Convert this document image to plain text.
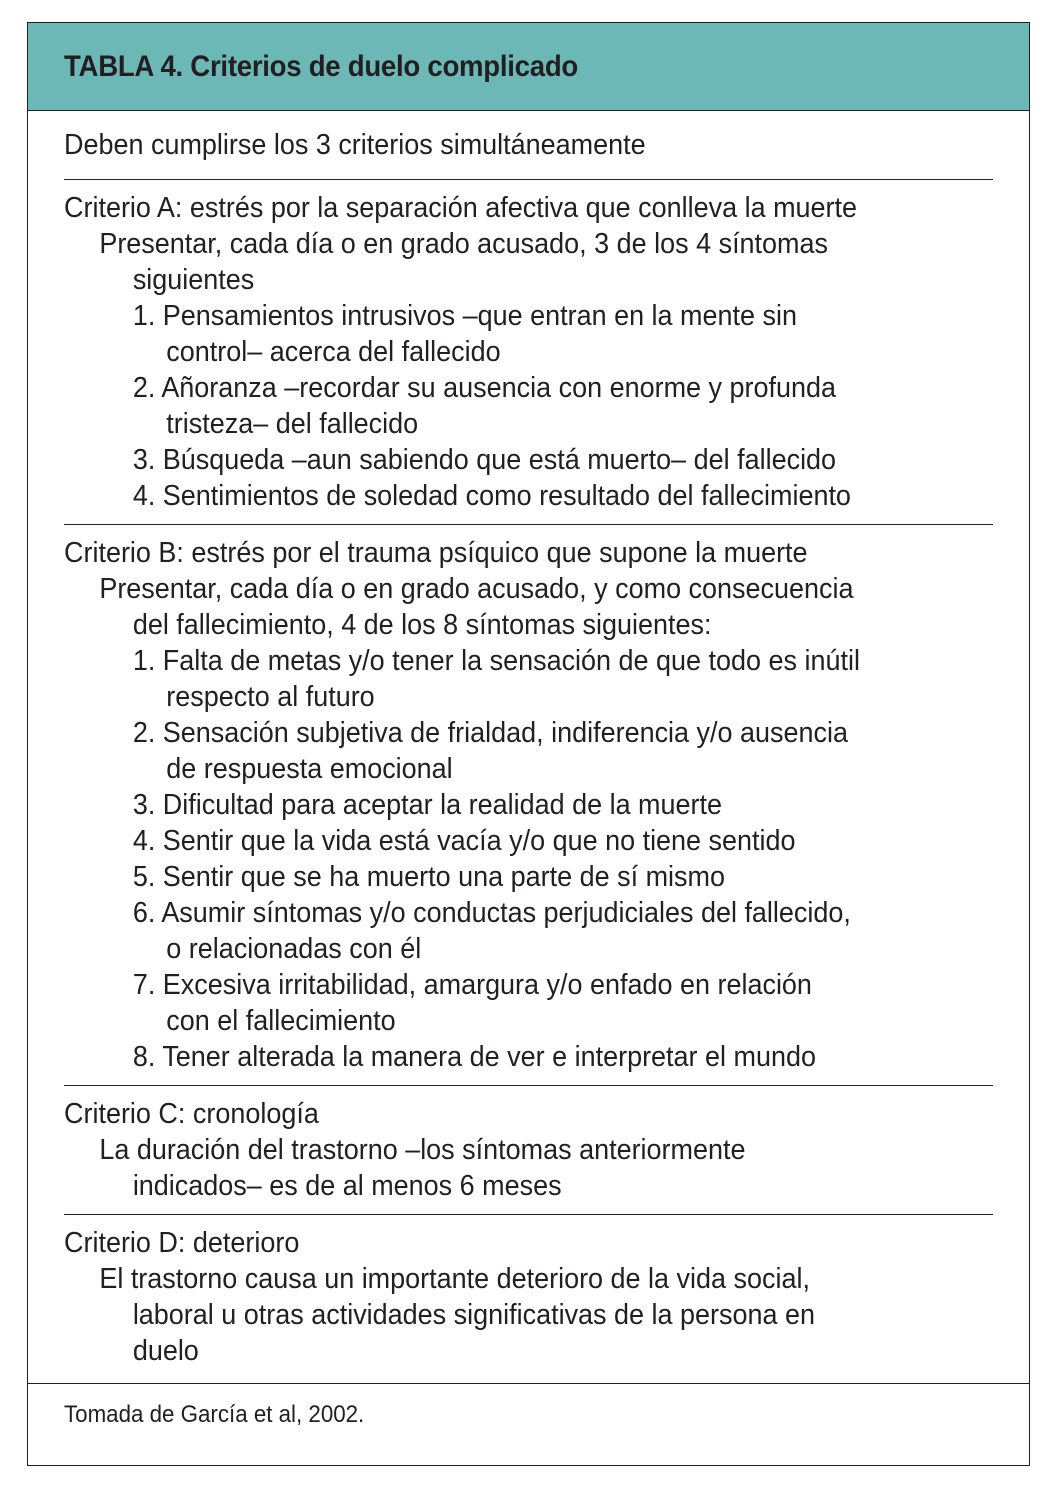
TABLA 4. Criterios de duelo complicado
Deben cumplirse los 3 criterios simultáneamente
Criterio A: estrés por la separación afectiva que conlleva la muerte
Presentar, cada día o en grado acusado, 3 de los 4 síntomas
siguientes
1. Pensamientos intrusivos –que entran en la mente sin
control– acerca del fallecido
2. Añoranza –recordar su ausencia con enorme y profunda
tristeza– del fallecido
3. Búsqueda –aun sabiendo que está muerto– del fallecido
4. Sentimientos de soledad como resultado del fallecimiento
Criterio B: estrés por el trauma psíquico que supone la muerte
Presentar, cada día o en grado acusado, y como consecuencia
del fallecimiento, 4 de los 8 síntomas siguientes:
1. Falta de metas y/o tener la sensación de que todo es inútil
respecto al futuro
2. Sensación subjetiva de frialdad, indiferencia y/o ausencia
de respuesta emocional
3. Dificultad para aceptar la realidad de la muerte
4. Sentir que la vida está vacía y/o que no tiene sentido
5. Sentir que se ha muerto una parte de sí mismo
6. Asumir síntomas y/o conductas perjudiciales del fallecido,
o relacionadas con él
7. Excesiva irritabilidad, amargura y/o enfado en relación
con el fallecimiento
8. Tener alterada la manera de ver e interpretar el mundo
Criterio C: cronología
La duración del trastorno –los síntomas anteriormente
indicados– es de al menos 6 meses
Criterio D: deterioro
El trastorno causa un importante deterioro de la vida social,
laboral u otras actividades significativas de la persona en
duelo
Tomada de García et al, 2002.
